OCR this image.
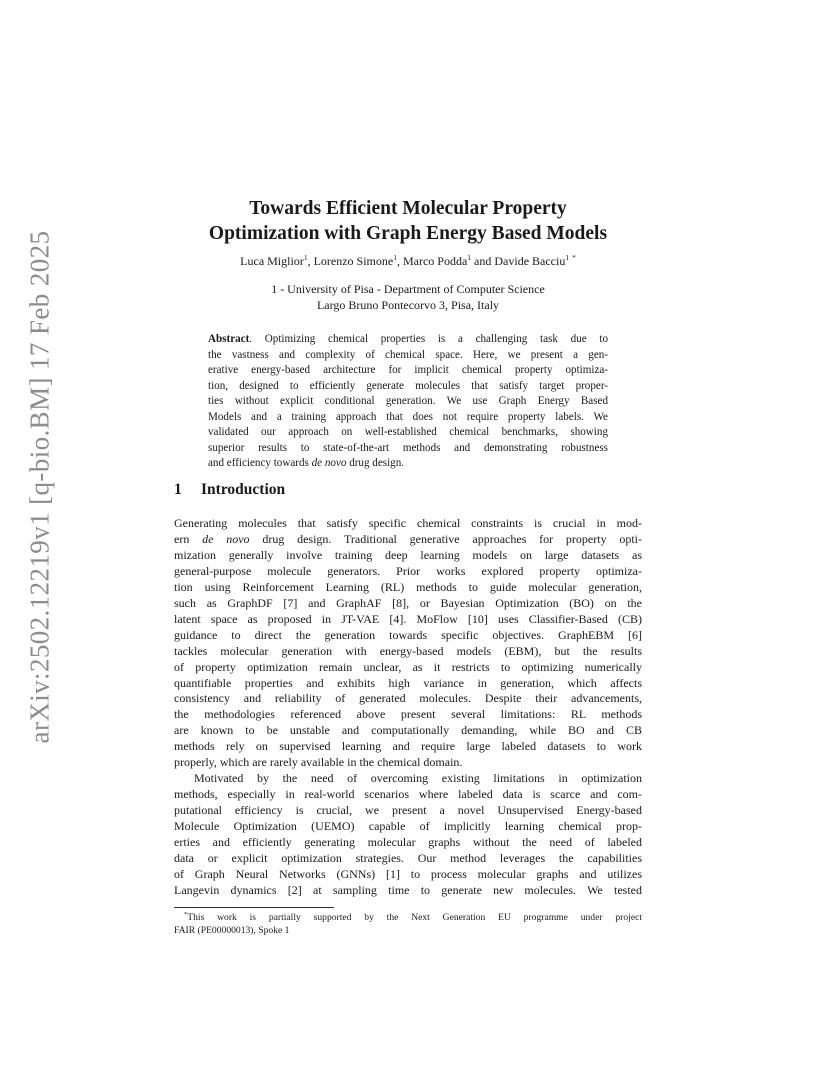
arXiv:2502.12219v1 [q-bio.BM] 17 Feb 2025
Towards Efficient Molecular Property
Optimization with Graph Energy Based Models

Luca Miglior$^1$, Lorenzo Simone$^1$, Marco Podda$^1$ and Davide Bacciu$^1$ *

1 - University of Pisa - Department of Computer Science
Largo Bruno Pontecorvo 3, Pisa, Italy
Abstract. Optimizing chemical properties is a challenging task due to
the vastness and complexity of chemical space. Here, we present a gen-
erative energy-based architecture for implicit chemical property optimiza-
tion, designed to efficiently generate molecules that satisfy target proper-
ties without explicit conditional generation. We use Graph Energy Based
Models and a training approach that does not require property labels. We
validated our approach on well-established chemical benchmarks, showing
superior results to state-of-the-art methods and demonstrating robustness
and efficiency towards de novo drug design.
1 Introduction
Generating molecules that satisfy specific chemical constraints is crucial in mod-
ern de novo drug design. Traditional generative approaches for property opti-
mization generally involve training deep learning models on large datasets as
general-purpose molecule generators. Prior works explored property optimiza-
tion using Reinforcement Learning (RL) methods to guide molecular generation,
such as GraphDF [7] and GraphAF [8], or Bayesian Optimization (BO) on the
latent space as proposed in JT-VAE [4]. MoFlow [10] uses Classifier-Based (CB)
guidance to direct the generation towards specific objectives. GraphEBM [6]
tackles molecular generation with energy-based models (EBM), but the results
of property optimization remain unclear, as it restricts to optimizing numerically
quantifiable properties and exhibits high variance in generation, which affects
consistency and reliability of generated molecules. Despite their advancements,
the methodologies referenced above present several limitations: RL methods
are known to be unstable and computationally demanding, while BO and CB
methods rely on supervised learning and require large labeled datasets to work
properly, which are rarely available in the chemical domain.
Motivated by the need of overcoming existing limitations in optimization
methods, especially in real-world scenarios where labeled data is scarce and com-
putational efficiency is crucial, we present a novel Unsupervised Energy-based
Molecule Optimization (UEMO) capable of implicitly learning chemical prop-
erties and efficiently generating molecular graphs without the need of labeled
data or explicit optimization strategies. Our method leverages the capabilities
of Graph Neural Networks (GNNs) [1] to process molecular graphs and utilizes
Langevin dynamics [2] at sampling time to generate new molecules. We tested
*This work is partially supported by the Next Generation EU programme under project
FAIR (PE00000013), Spoke 1
